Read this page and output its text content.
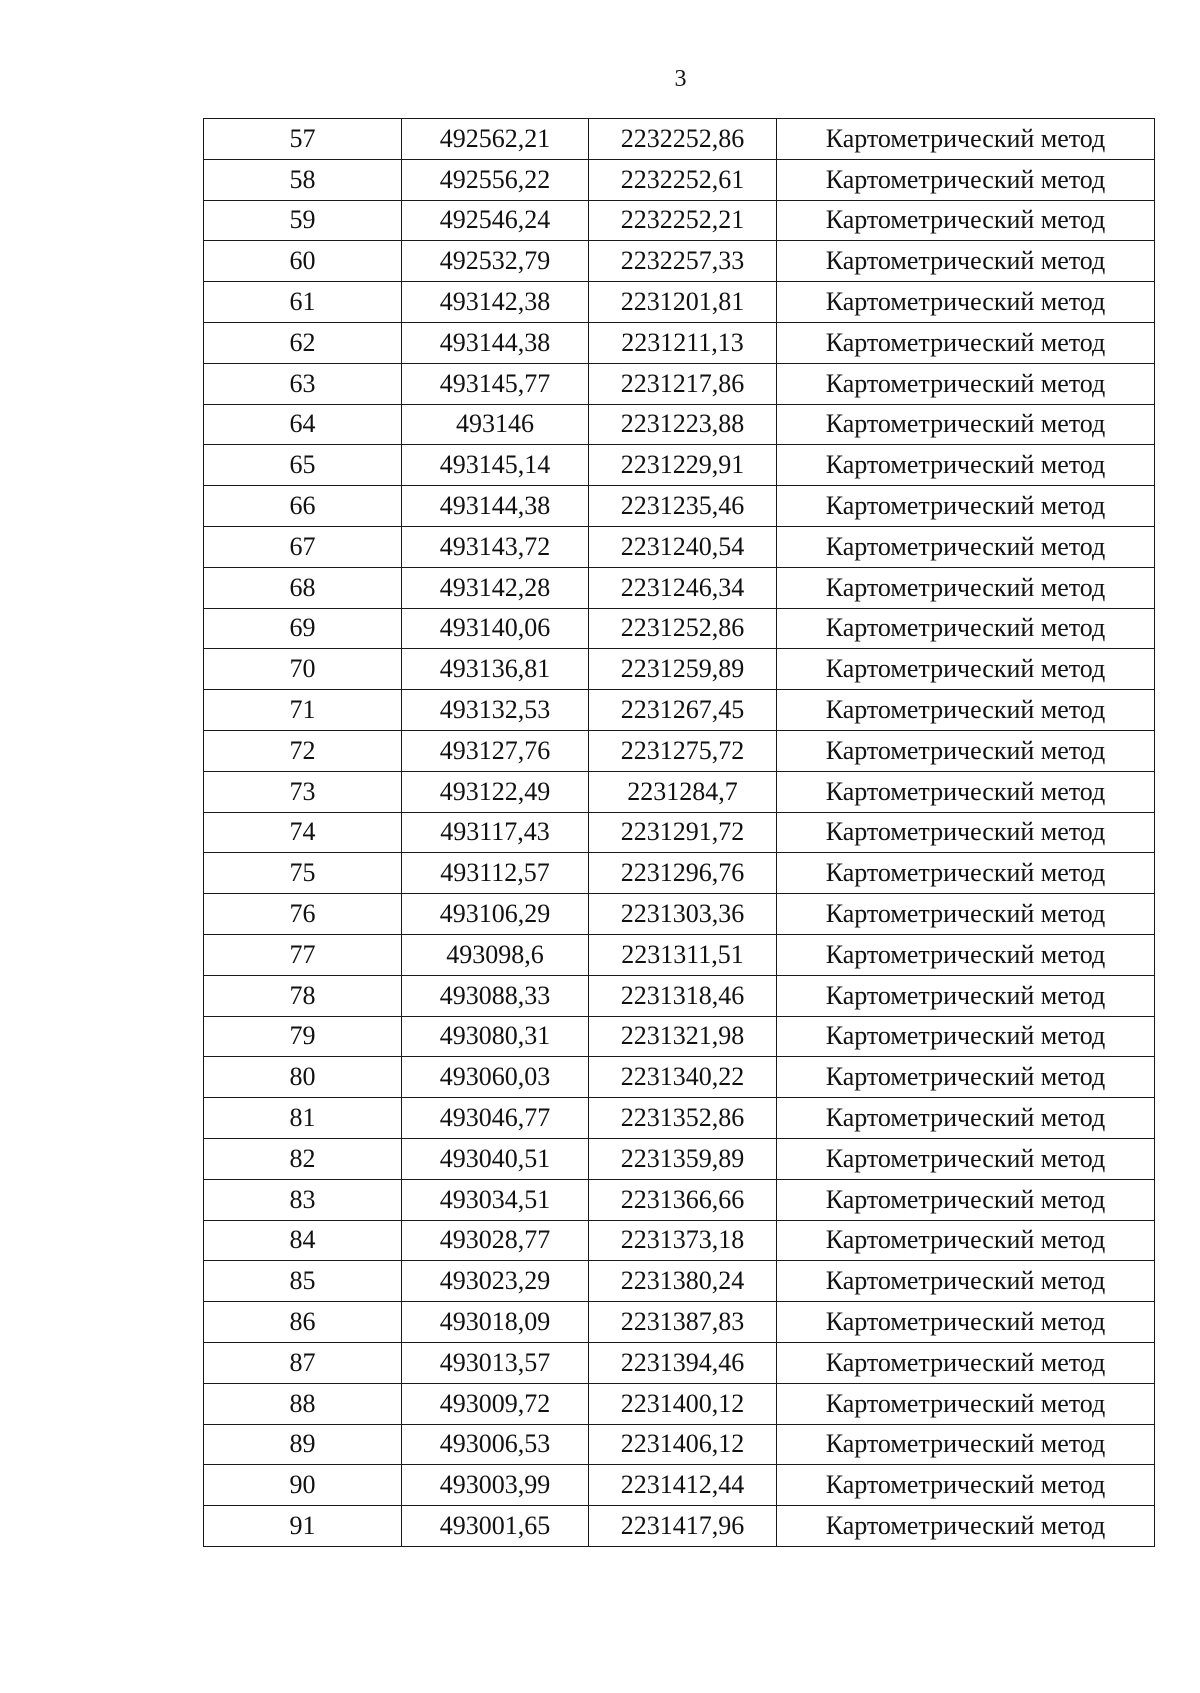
3
57	492562,21	2232252,86	Картометрический метод
58	492556,22	2232252,61	Картометрический метод
59	492546,24	2232252,21	Картометрический метод
60	492532,79	2232257,33	Картометрический метод
61	493142,38	2231201,81	Картометрический метод
62	493144,38	2231211,13	Картометрический метод
63	493145,77	2231217,86	Картометрический метод
64	493146	2231223,88	Картометрический метод
65	493145,14	2231229,91	Картометрический метод
66	493144,38	2231235,46	Картометрический метод
67	493143,72	2231240,54	Картометрический метод
68	493142,28	2231246,34	Картометрический метод
69	493140,06	2231252,86	Картометрический метод
70	493136,81	2231259,89	Картометрический метод
71	493132,53	2231267,45	Картометрический метод
72	493127,76	2231275,72	Картометрический метод
73	493122,49	2231284,7	Картометрический метод
74	493117,43	2231291,72	Картометрический метод
75	493112,57	2231296,76	Картометрический метод
76	493106,29	2231303,36	Картометрический метод
77	493098,6	2231311,51	Картометрический метод
78	493088,33	2231318,46	Картометрический метод
79	493080,31	2231321,98	Картометрический метод
80	493060,03	2231340,22	Картометрический метод
81	493046,77	2231352,86	Картометрический метод
82	493040,51	2231359,89	Картометрический метод
83	493034,51	2231366,66	Картометрический метод
84	493028,77	2231373,18	Картометрический метод
85	493023,29	2231380,24	Картометрический метод
86	493018,09	2231387,83	Картометрический метод
87	493013,57	2231394,46	Картометрический метод
88	493009,72	2231400,12	Картометрический метод
89	493006,53	2231406,12	Картометрический метод
90	493003,99	2231412,44	Картометрический метод
91	493001,65	2231417,96	Картометрический метод
